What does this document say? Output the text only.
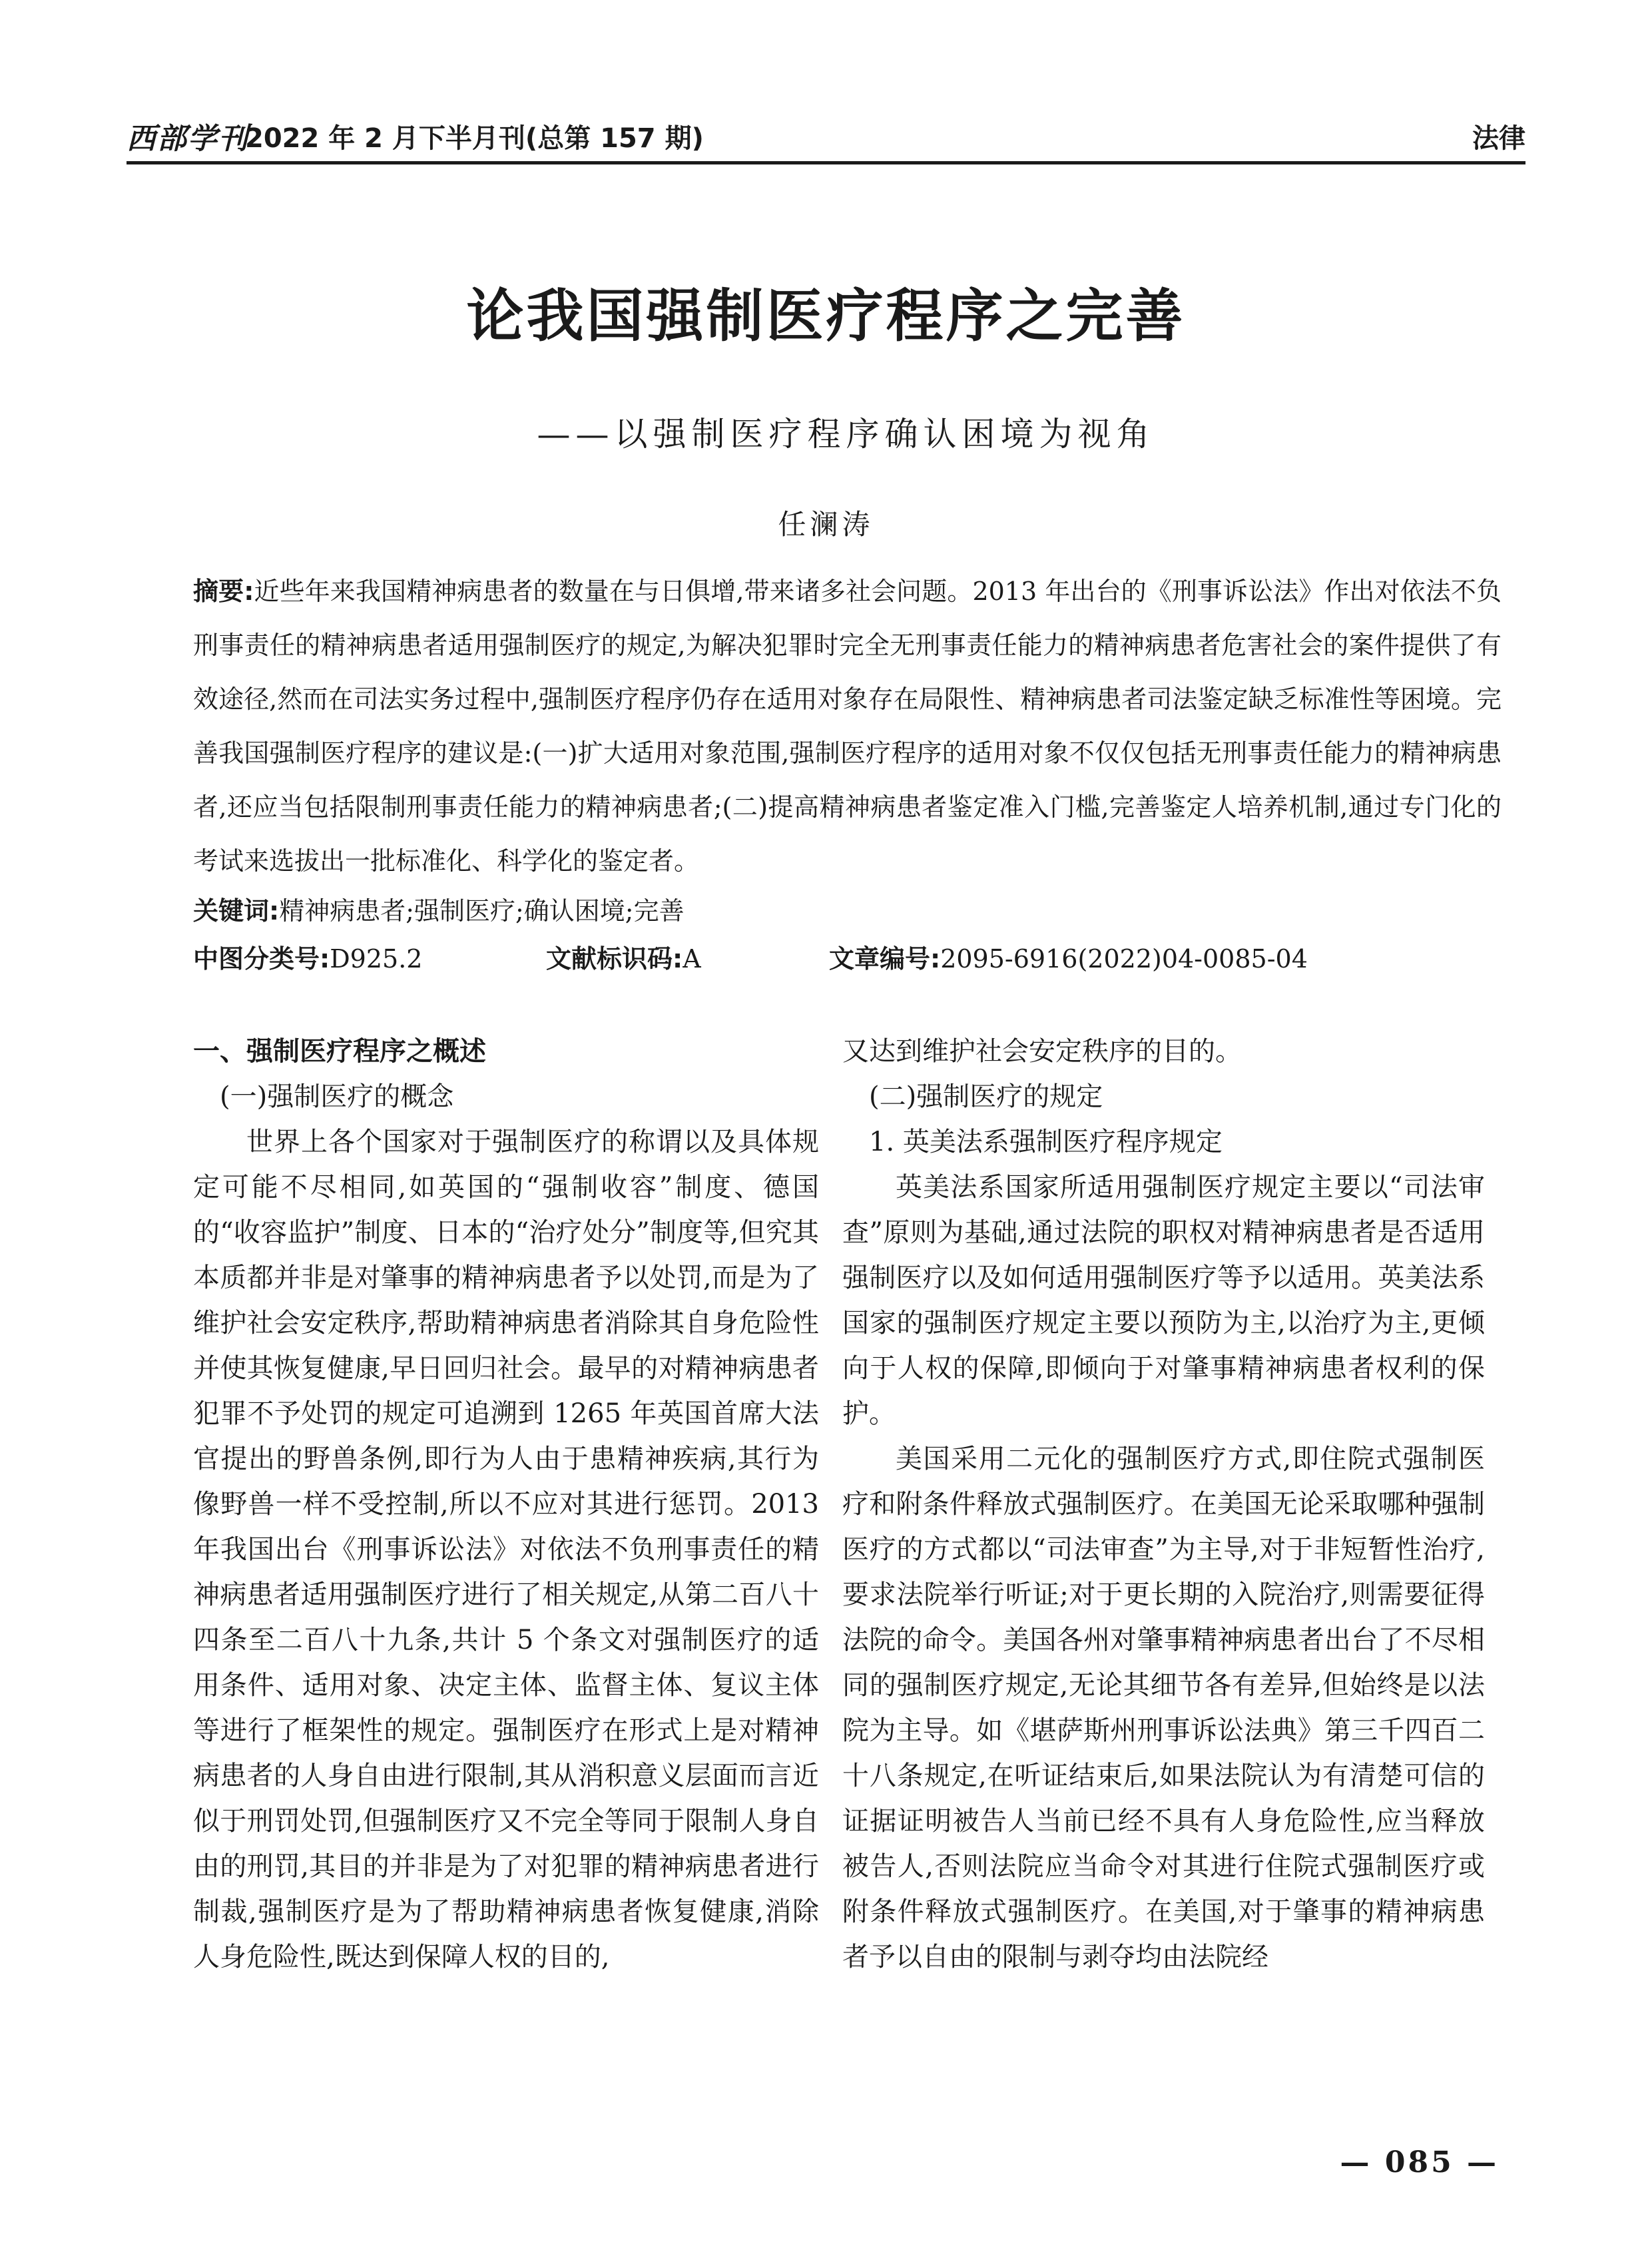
西部学刊
2022 年 2 月下半月刊(总第 157 期)	法律
论我国强制医疗程序之完善
——以强制医疗程序确认困境为视角
任澜涛
摘要:近些年来我国精神病患者的数量在与日俱增,带来诸多社会问题。2013 年出台的《刑事诉讼法》作出对依法不负刑事责任的精神病患者适用强制医疗的规定,为解决犯罪时完全无刑事责任能力的精神病患者危害社会的案件提供了有效途径,然而在司法实务过程中,强制医疗程序仍存在适用对象存在局限性、精神病患者司法鉴定缺乏标准性等困境。完善我国强制医疗程序的建议是:(一)扩大适用对象范围,强制医疗程序的适用对象不仅仅包括无刑事责任能力的精神病患者,还应当包括限制刑事责任能力的精神病患者;(二)提高精神病患者鉴定准入门槛,完善鉴定人培养机制,通过专门化的考试来选拔出一批标准化、科学化的鉴定者。
关键词:精神病患者;强制医疗;确认困境;完善
中图分类号:D925.2	文献标识码:A	文章编号:2095-6916(2022)04-0085-04

一、强制医疗程序之概述

(一)强制医疗的概念

世界上各个国家对于强制医疗的称谓以及具体规定可能不尽相同,如英国的“强制收容”制度、德国的“收容监护”制度、日本的“治疗处分”制度等,但究其本质都并非是对肇事的精神病患者予以处罚,而是为了维护社会安定秩序,帮助精神病患者消除其自身危险性并使其恢复健康,早日回归社会。最早的对精神病患者犯罪不予处罚的规定可追溯到 1265 年英国首席大法官提出的野兽条例,即行为人由于患精神疾病,其行为像野兽一样不受控制,所以不应对其进行惩罚。2013 年我国出台《刑事诉讼法》对依法不负刑事责任的精神病患者适用强制医疗进行了相关规定,从第二百八十四条至二百八十九条,共计 5 个条文对强制医疗的适用条件、适用对象、决定主体、监督主体、复议主体等进行了框架性的规定。强制医疗在形式上是对精神病患者的人身自由进行限制,其从消积意义层面而言近似于刑罚处罚,但强制医疗又不完全等同于限制人身自由的刑罚,其目的并非是为了对犯罪的精神病患者进行制裁,强制医疗是为了帮助精神病患者恢复健康,消除人身危险性,既达到保障人权的目的,

又达到维护社会安定秩序的目的。

(二)强制医疗的规定

1. 英美法系强制医疗程序规定

英美法系国家所适用强制医疗规定主要以“司法审查”原则为基础,通过法院的职权对精神病患者是否适用强制医疗以及如何适用强制医疗等予以适用。英美法系国家的强制医疗规定主要以预防为主,以治疗为主,更倾向于人权的保障,即倾向于对肇事精神病患者权利的保护。

美国采用二元化的强制医疗方式,即住院式强制医疗和附条件释放式强制医疗。在美国无论采取哪种强制医疗的方式都以“司法审查”为主导,对于非短暂性治疗,要求法院举行听证;对于更长期的入院治疗,则需要征得法院的命令。美国各州对肇事精神病患者出台了不尽相同的强制医疗规定,无论其细节各有差异,但始终是以法院为主导。如《堪萨斯州刑事诉讼法典》第三千四百二十八条规定,在听证结束后,如果法院认为有清楚可信的证据证明被告人当前已经不具有人身危险性,应当释放被告人,否则法院应当命令对其进行住院式强制医疗或附条件释放式强制医疗。在美国,对于肇事的精神病患者予以自由的限制与剥夺均由法院经

— 085 —
